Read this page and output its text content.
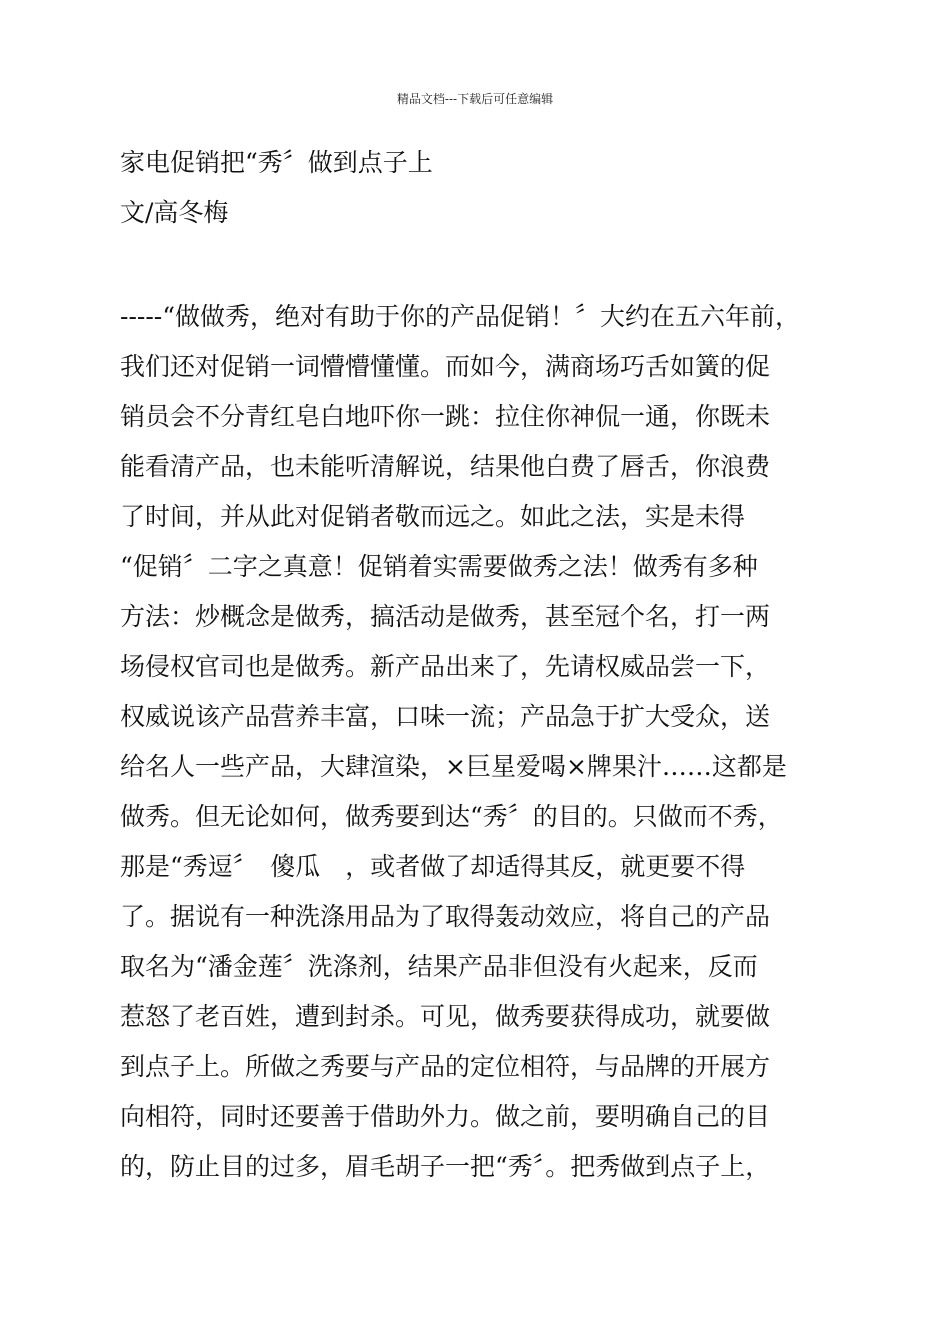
精品文档---下载后可任意编辑
家电促销把“秀〞做到点子上
文/高冬梅
-----“做做秀，绝对有助于你的产品促销！〞大约在五六年前，
我们还对促销一词懵懵懂懂。而如今，满商场巧舌如簧的促
销员会不分青红皂白地吓你一跳：拉住你神侃一通，你既未
能看清产品，也未能听清解说，结果他白费了唇舌，你浪费
了时间，并从此对促销者敬而远之。如此之法，实是未得
“促销〞二字之真意！促销着实需要做秀之法！做秀有多种
方法：炒概念是做秀，搞活动是做秀，甚至冠个名，打一两
场侵权官司也是做秀。新产品出来了，先请权威品尝一下，
权威说该产品营养丰富，口味一流；产品急于扩大受众，送
给名人一些产品，大肆渲染，×巨星爱喝×牌果汁……这都是
做秀。但无论如何，做秀要到达“秀〞的目的。只做而不秀，
那是“秀逗〞　傻瓜　，或者做了却适得其反，就更要不得
了。据说有一种洗涤用品为了取得轰动效应，将自己的产品
取名为“潘金莲〞洗涤剂，结果产品非但没有火起来，反而
惹怒了老百姓，遭到封杀。可见，做秀要获得成功，就要做
到点子上。所做之秀要与产品的定位相符，与品牌的开展方
向相符，同时还要善于借助外力。做之前，要明确自己的目
的，防止目的过多，眉毛胡子一把“秀〞。把秀做到点子上，
